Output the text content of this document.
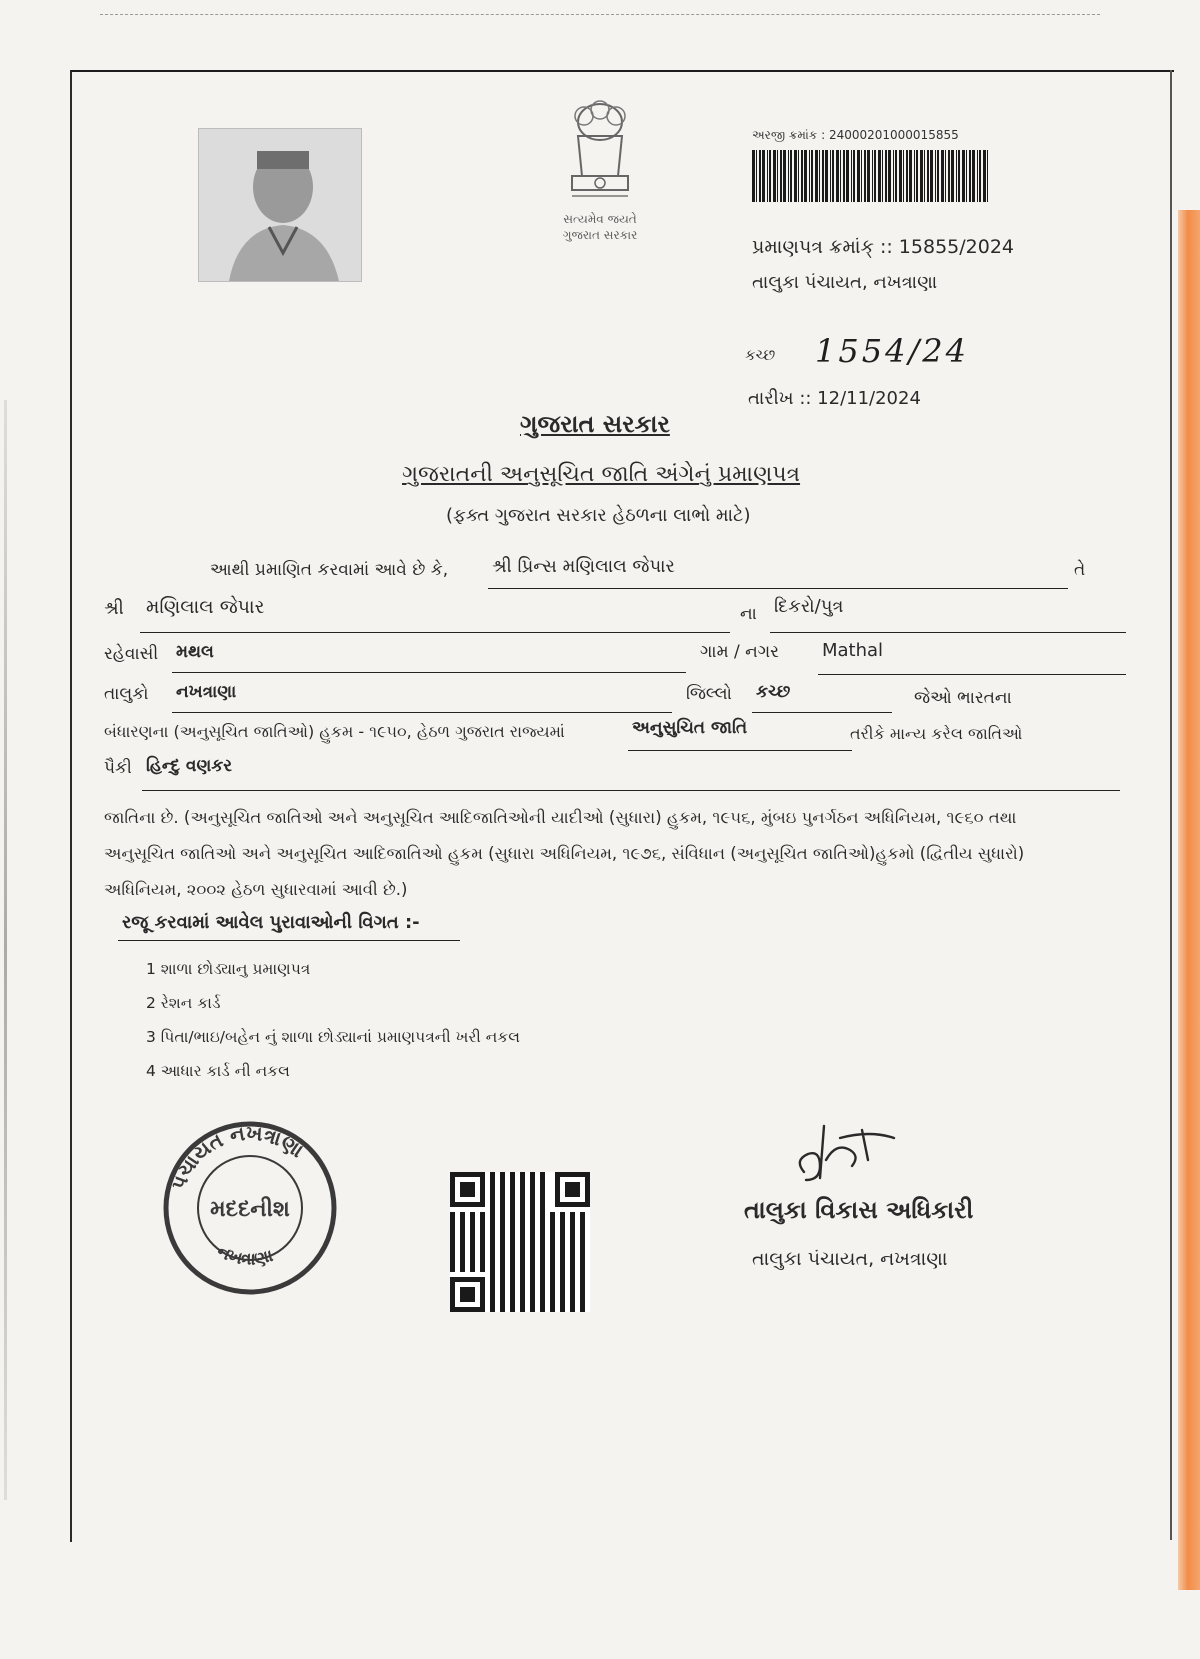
સત્યમેવ જયતે
ગુજરાત સરકાર
અરજી ક્રમાંક : 24000201000015855
પ્રમાણપત્ર ક્રમાંક્ :: 15855/2024
તાલુકા પંચાયત, નખત્રાણા
કચ્છ 1554/24
તારીખ :: 12/11/2024
ગુજરાત સરકાર
ગુજરાતની અનુસૂચિત જાતિ અંગેનું પ્રમાણપત્ર
(ફક્ત ગુજરાત સરકાર હેઠળના લાભો માટે)
આથી પ્રમાણિત કરવામાં આવે છે કે, શ્રી પ્રિન્સ મણિલાલ જેપાર	તે
શ્રી મણિલાલ જેપાર	ના દિકરો/પુત્ર
રહેવાસી મથલ	ગામ / નગર Mathal
તાલુકો નખત્રાણા	જિલ્લો કચ્છ	જેઓ ભારતના
બંધારણના (અનુસૂચિત જાતિઓ) હુકમ - ૧૯૫૦, હેઠળ ગુજરાત રાજ્યમાં	અનુસુચિત જાતિ	તરીકે માન્ય કરેલ જાતિઓ
પૈકી હિન્દુ વણકર
જાતિના છે. (અનુસૂચિત જાતિઓ અને અનુસૂચિત આદિજાતિઓની યાદીઓ (સુધારા) હુકમ, ૧૯૫૬, મુંબઇ પુનર્ગઠન અધિનિયમ, ૧૯૬૦ તથા
અનુસૂચિત જાતિઓ અને અનુસૂચિત આદિજાતિઓ હુકમ (સુધારા અધિનિયમ, ૧૯૭૬, સંવિધાન (અનુસૂચિત જાતિઓ)હુકમો (દ્વિતીય સુધારો)
અધિનિયમ, ૨૦૦૨ હેઠળ સુધારવામાં આવી છે.)
રજૂ કરવામાં આવેલ પુરાવાઓની વિગત :-
1 શાળા છોડ્યાનુ પ્રમાણપત્ર
2 રેશન કાર્ડ
3 પિતા/ભાઇ/બહેન નું શાળા છોડ્યાનાં પ્રમાણપત્રની ખરી નકલ
4 આધાર કાર્ડ ની નકલ
પંચાયત નખત્રાણા
મદદનીશ
નખત્રાણા
તાલુકા વિકાસ અધિકારી
તાલુકા પંચાયત, નખત્રાણા
